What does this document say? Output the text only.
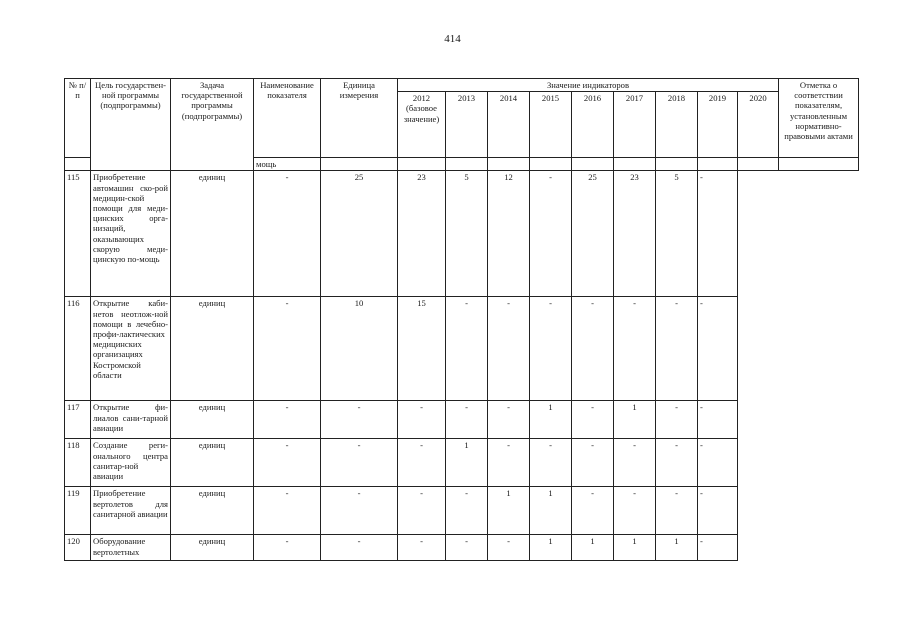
414
№ п/п	Цель государствен-ной программы (подпрограммы)	Задача государственной программы (подпрограммы)	Наименование показателя	Единица измерения	Значение индикаторов									Отметка о соответствии показателям, установленным нормативно-правовыми актами
					2012 (базовое значение)	2013	2014	2015	2016	2017	2018	2019	2020	
			мощь											
115	Приобретение автомашин ско-рой медицин-ской помощи для меди-цинских орга-низаций, оказывающих скорую меди-цинскую по-мощь	единиц	-	25	23	5	12	-	25	23	5	-		
116	Открытие каби-нетов неотлож-ной помощи в лечебно-профи-лактических медицинских организациях Костромской области	единиц	-	10	15	-	-	-	-	-	-	-		
117	Открытие фи-лиалов сани-тарной авиации	единиц	-	-	-	-	-	1	-	1	-	-		
118	Создание реги-онального центра санитар-ной авиации	единиц	-	-	-	1	-	-	-	-	-	-		
119	Приобретение вертолетов для санитарной авиации	единиц	-	-	-	-	1	1	-	-	-	-		
120	Оборудование вертолетных	единиц	-	-	-	-	-	1	1	1	1	-		
